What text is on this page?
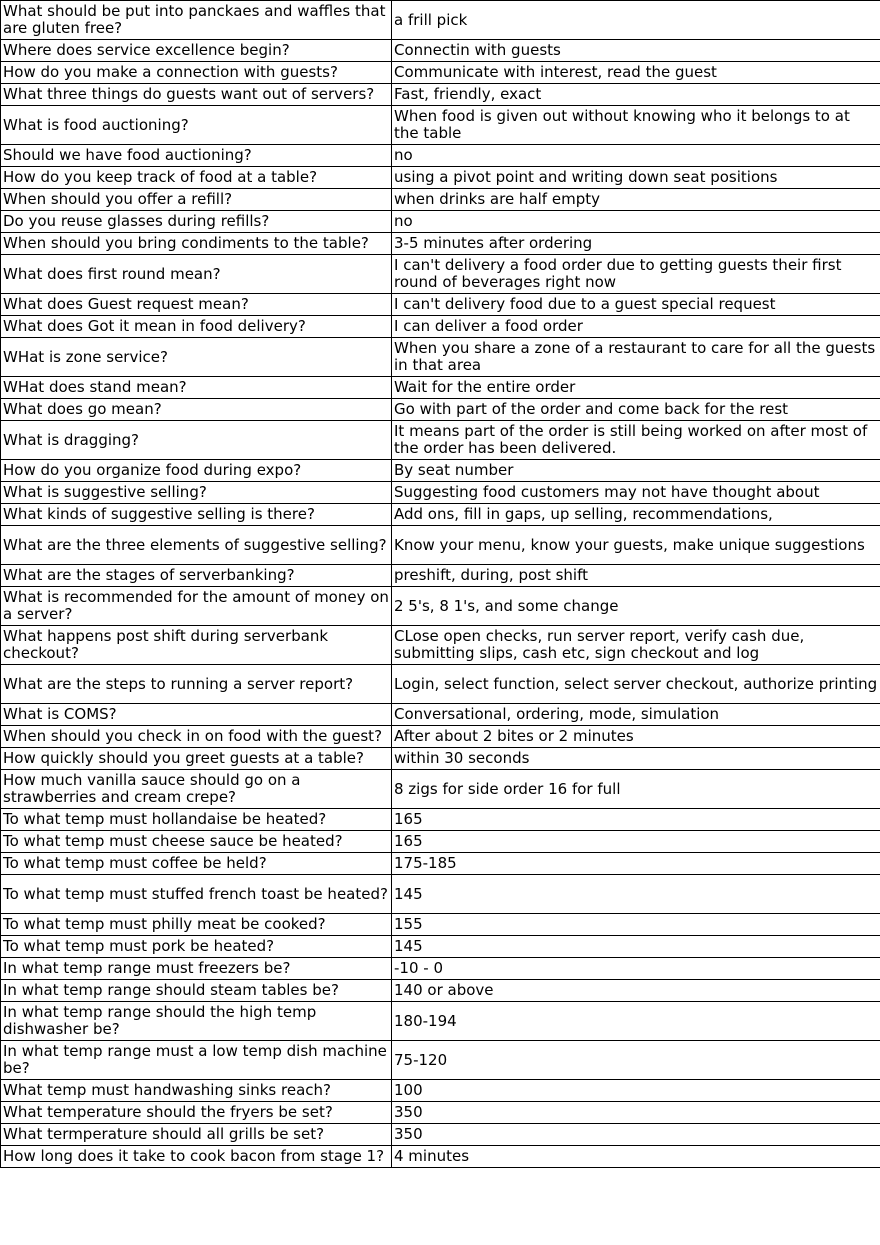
What should be put into panckaes and waffles that are gluten free?	a frill pick
Where does service excellence begin?	Connectin with guests
How do you make a connection with guests?	Communicate with interest, read the guest
What three things do guests want out of servers?	Fast, friendly, exact
What is food auctioning?	When food is given out without knowing who it belongs to at the table
Should we have food auctioning?	no
How do you keep track of food at a table?	using a pivot point and writing down seat positions
When should you offer a refill?	when drinks are half empty
Do you reuse glasses during refills?	no
When should you bring condiments to the table?	3-5 minutes after ordering
What does first round mean?	I can't delivery a food order due to getting guests their first round of beverages right now
What does Guest request mean?	I can't delivery food due to a guest special request
What does Got it mean in food delivery?	I can deliver a food order
WHat is zone service?	When you share a zone of a restaurant to care for all the guests in that area
WHat does stand mean?	Wait for the entire order
What does go mean?	Go with part of the order and come back for the rest
What is dragging?	It means part of the order is still being worked on after most of the order has been delivered.
How do you organize food during expo?	By seat number
What is suggestive selling?	Suggesting food customers may not have thought about
What kinds of suggestive selling is there?	Add ons, fill in gaps, up selling, recommendations,
What are the three elements of suggestive selling?	Know your menu, know your guests, make unique suggestions
What are the stages of serverbanking?	preshift, during, post shift
What is recommended for the amount of money on a server?	2 5's, 8 1's, and some change
What happens post shift during serverbank checkout?	CLose open checks, run server report, verify cash due, submitting slips, cash etc, sign checkout and log
What are the steps to running a server report?	Login, select function, select server checkout, authorize printing
What is COMS?	Conversational, ordering, mode, simulation
When should you check in on food with the guest?	After about 2 bites or 2 minutes
How quickly should you greet guests at a table?	within 30 seconds
How much vanilla sauce should go on a strawberries and cream crepe?	8 zigs for side order 16 for full
To what temp must hollandaise be heated?	165
To what temp must cheese sauce be heated?	165
To what temp must coffee be held?	175-185
To what temp must stuffed french toast be heated?	145
To what temp must philly meat be cooked?	155
To what temp must pork be heated?	145
In what temp range must freezers be?	-10 - 0
In what temp range should steam tables be?	140 or above
In what temp range should the high temp dishwasher be?	180-194
In what temp range must a low temp dish machine be?	75-120
What temp must handwashing sinks reach?	100
What temperature should the fryers be set?	350
What termperature should all grills be set?	350
How long does it take to cook bacon from stage 1?	4 minutes
